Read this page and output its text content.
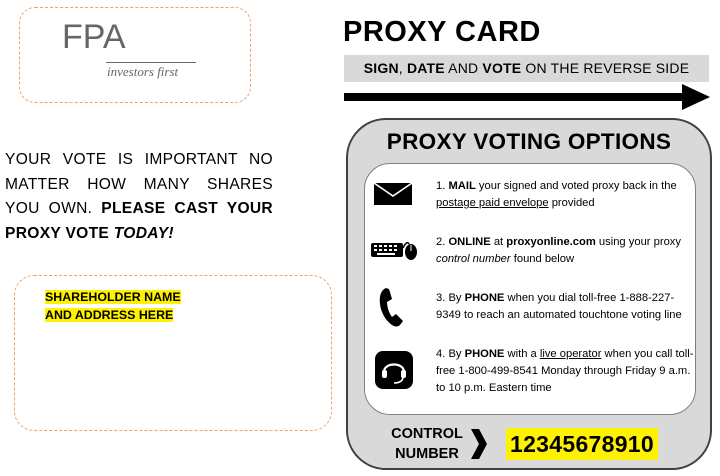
FPA
investors first
YOUR VOTE IS IMPORTANT NO MATTER HOW MANY SHARES YOU OWN. PLEASE CAST YOUR PROXY VOTE TODAY!
SHAREHOLDER NAME
AND ADDRESS HERE
PROXY CARD
SIGN, DATE AND VOTE ON THE REVERSE SIDE
PROXY VOTING OPTIONS
1. MAIL your signed and voted proxy back in the postage paid envelope provided
2. ONLINE at proxyonline.com using your proxy control number found below
3. By PHONE when you dial toll-free 1-888-227-9349 to reach an automated touchtone voting line
4. By PHONE with a live operator when you call toll-free 1-800-499-8541 Monday through Friday 9 a.m. to 10 p.m. Eastern time
CONTROL
NUMBER	12345678910
